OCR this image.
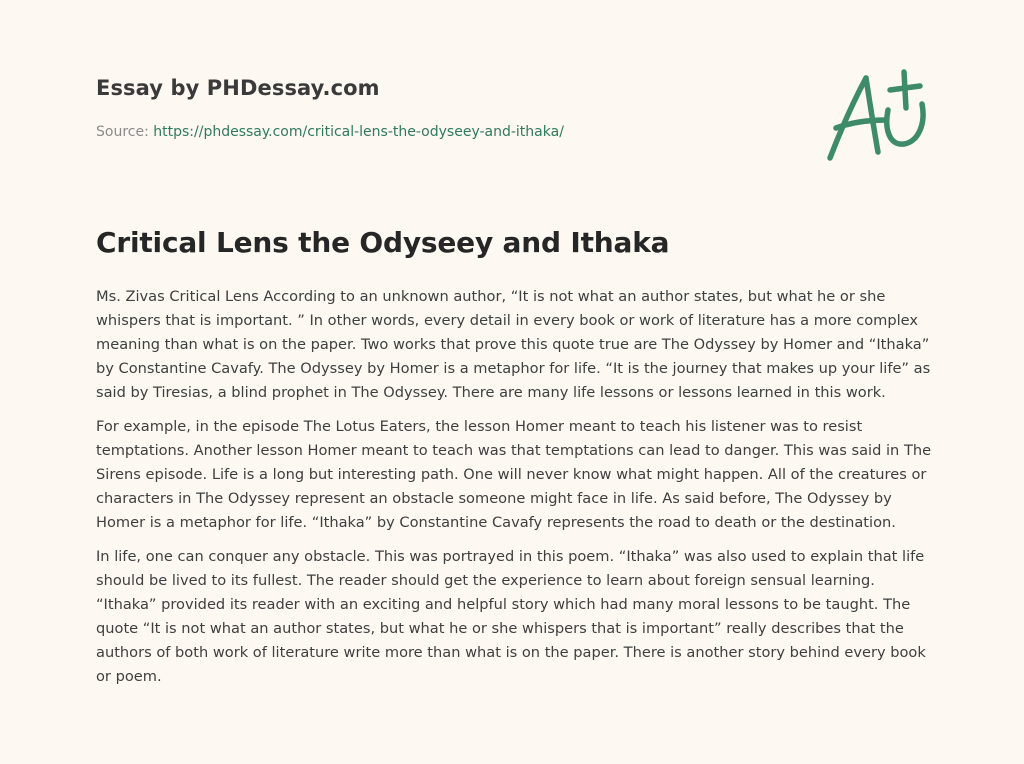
Essay by PHDessay.com

Source: https://phdessay.com/critical-lens-the-odyseey-and-ithaka/

Critical Lens the Odyseey and Ithaka

Ms. Zivas Critical Lens According to an unknown author, “It is not what an author states, but what he or she whispers that is important. ” In other words, every detail in every book or work of literature has a more complex meaning than what is on the paper. Two works that prove this quote true are The Odyssey by Homer and “Ithaka” by Constantine Cavafy. The Odyssey by Homer is a metaphor for life. “It is the journey that makes up your life” as said by Tiresias, a blind prophet in The Odyssey. There are many life lessons or lessons learned in this work.

For example, in the episode The Lotus Eaters, the lesson Homer meant to teach his listener was to resist temptations. Another lesson Homer meant to teach was that temptations can lead to danger. This was said in The Sirens episode. Life is a long but interesting path. One will never know what might happen. All of the creatures or characters in The Odyssey represent an obstacle someone might face in life. As said before, The Odyssey by Homer is a metaphor for life. “Ithaka” by Constantine Cavafy represents the road to death or the destination.

In life, one can conquer any obstacle. This was portrayed in this poem. “Ithaka” was also used to explain that life should be lived to its fullest. The reader should get the experience to learn about foreign sensual learning. “Ithaka” provided its reader with an exciting and helpful story which had many moral lessons to be taught. The quote “It is not what an author states, but what he or she whispers that is important” really describes that the authors of both work of literature write more than what is on the paper. There is another story behind every book or poem.
